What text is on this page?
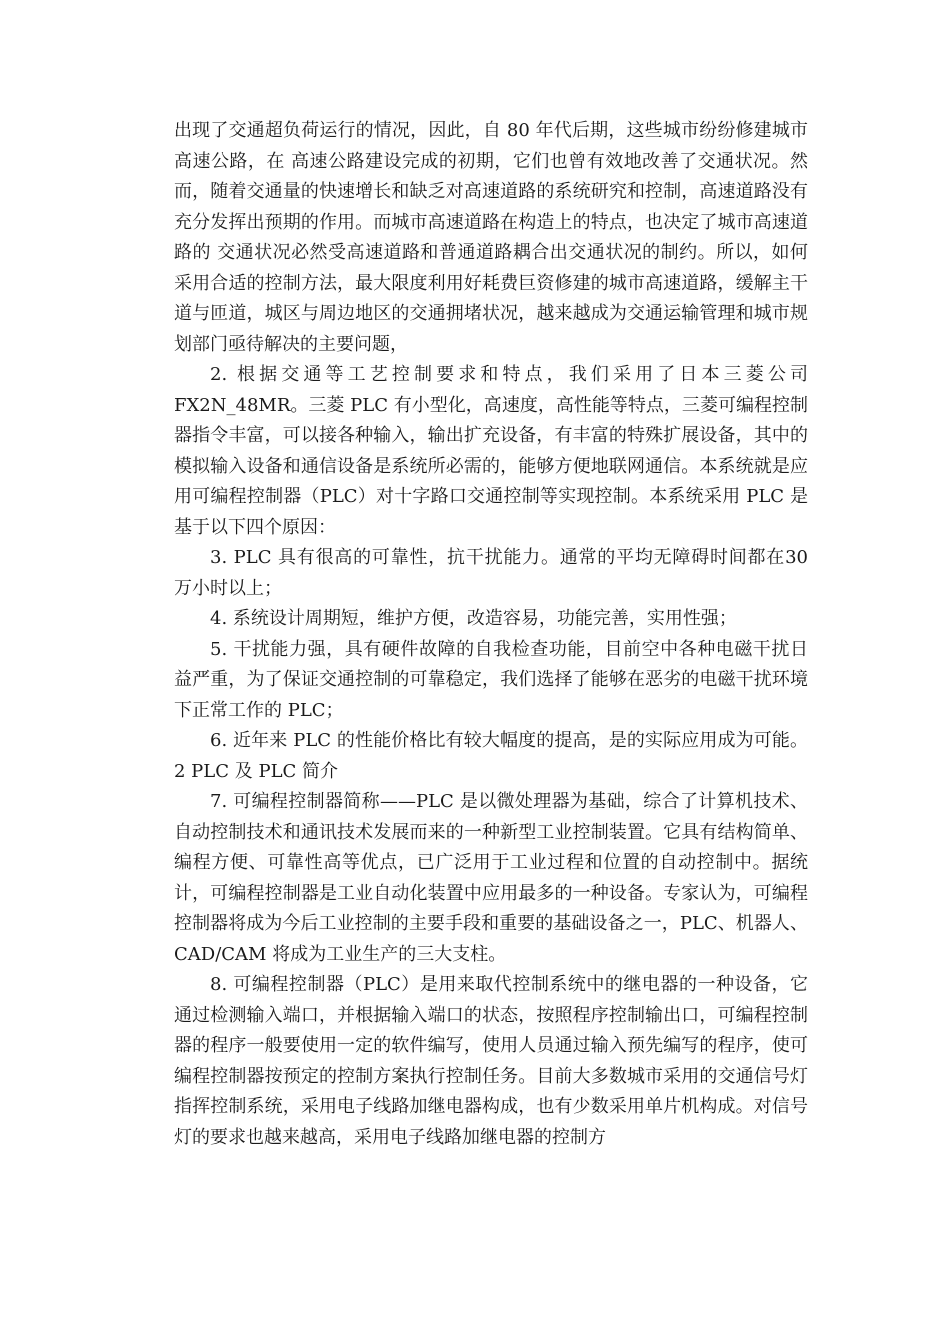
出现了交通超负荷运行的情况，因此，自 80 年代后期，这些城市纷纷修建城市高速公路，在 高速公路建设完成的初期，它们也曾有效地改善了交通状况。然而，随着交通量的快速增长和缺乏对高速道路的系统研究和控制，高速道路没有充分发挥出预期的作用。而城市高速道路在构造上的特点，也决定了城市高速道路的 交通状况必然受高速道路和普通道路耦合出交通状况的制约。所以，如何采用合适的控制方法，最大限度利用好耗费巨资修建的城市高速道路，缓解主干道与匝道，城区与周边地区的交通拥堵状况，越来越成为交通运输管理和城市规划部门亟待解决的主要问题，

2. 根据交通等工艺控制要求和特点，我们采用了日本三菱公司FX2N_48MR。三菱 PLC 有小型化，高速度，高性能等特点，三菱可编程控制器指令丰富，可以接各种输入，输出扩充设备，有丰富的特殊扩展设备，其中的模拟输入设备和通信设备是系统所必需的，能够方便地联网通信。本系统就是应用可编程控制器（PLC）对十字路口交通控制等实现控制。本系统采用 PLC 是基于以下四个原因：

3. PLC 具有很高的可靠性，抗干扰能力。通常的平均无障碍时间都在30 万小时以上；

4. 系统设计周期短，维护方便，改造容易，功能完善，实用性强；

5. 干扰能力强，具有硬件故障的自我检查功能，目前空中各种电磁干扰日益严重，为了保证交通控制的可靠稳定，我们选择了能够在恶劣的电磁干扰环境下正常工作的 PLC；

6. 近年来 PLC 的性能价格比有较大幅度的提高，是的实际应用成为可能。2 PLC 及 PLC 简介

7. 可编程控制器简称——PLC 是以微处理器为基础，综合了计算机技术、自动控制技术和通讯技术发展而来的一种新型工业控制装置。它具有结构简单、编程方便、可靠性高等优点，已广泛用于工业过程和位置的自动控制中。据统计，可编程控制器是工业自动化装置中应用最多的一种设备。专家认为，可编程控制器将成为今后工业控制的主要手段和重要的基础设备之一，PLC、机器人、CAD/CAM 将成为工业生产的三大支柱。

8. 可编程控制器（PLC）是用来取代控制系统中的继电器的一种设备，它通过检测输入端口，并根据输入端口的状态，按照程序控制输出口，可编程控制器的程序一般要使用一定的软件编写，使用人员通过输入预先编写的程序，使可编程控制器按预定的控制方案执行控制任务。目前大多数城市采用的交通信号灯指挥控制系统，采用电子线路加继电器构成，也有少数采用单片机构成。对信号灯的要求也越来越高，采用电子线路加继电器的控制方
